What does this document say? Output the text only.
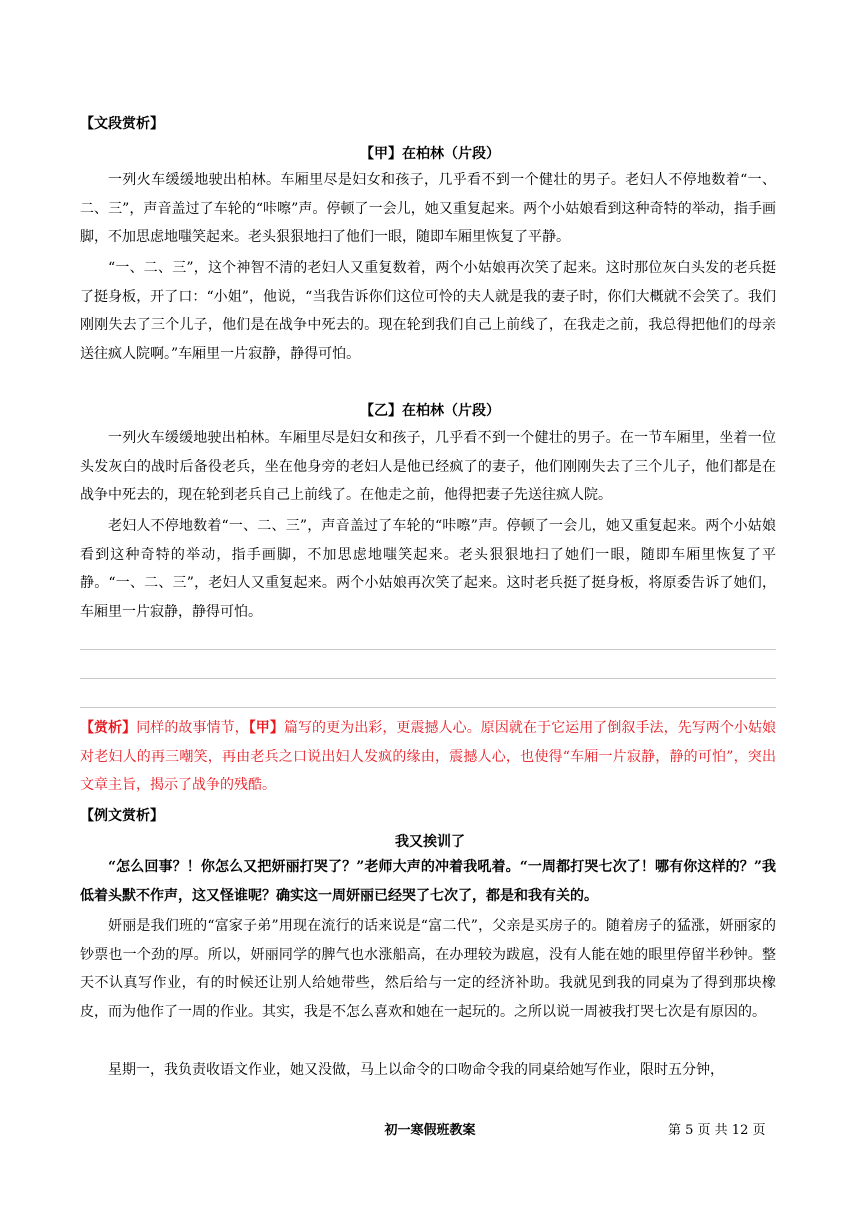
【文段赏析】
【甲】在柏林（片段）

一列火车缓缓地驶出柏林。车厢里尽是妇女和孩子，几乎看不到一个健壮的男子。老妇人不停地数着“一、二、三”，声音盖过了车轮的“咔嚓”声。停顿了一会儿，她又重复起来。两个小姑娘看到这种奇特的举动，指手画脚，不加思虑地嗤笑起来。老头狠狠地扫了他们一眼，随即车厢里恢复了平静。

“一、二、三”，这个神智不清的老妇人又重复数着，两个小姑娘再次笑了起来。这时那位灰白头发的老兵挺了挺身板，开了口：“小姐”，他说，“当我告诉你们这位可怜的夫人就是我的妻子时，你们大概就不会笑了。我们刚刚失去了三个儿子，他们是在战争中死去的。现在轮到我们自己上前线了，在我走之前，我总得把他们的母亲送往疯人院啊。”车厢里一片寂静，静得可怕。

【乙】在柏林（片段）

一列火车缓缓地驶出柏林。车厢里尽是妇女和孩子，几乎看不到一个健壮的男子。在一节车厢里，坐着一位头发灰白的战时后备役老兵，坐在他身旁的老妇人是他已经疯了的妻子，他们刚刚失去了三个儿子，他们都是在战争中死去的，现在轮到老兵自己上前线了。在他走之前，他得把妻子先送往疯人院。

老妇人不停地数着“一、二、三”，声音盖过了车轮的“咔嚓”声。停顿了一会儿，她又重复起来。两个小姑娘看到这种奇特的举动，指手画脚，不加思虑地嗤笑起来。老头狠狠地扫了她们一眼，随即车厢里恢复了平静。“一、二、三”，老妇人又重复起来。两个小姑娘再次笑了起来。这时老兵挺了挺身板，将原委告诉了她们，车厢里一片寂静，静得可怕。

【赏析】同样的故事情节，【甲】篇写的更为出彩，更震撼人心。原因就在于它运用了倒叙手法，先写两个小姑娘对老妇人的再三嘲笑，再由老兵之口说出妇人发疯的缘由，震撼人心，也使得“车厢一片寂静，静的可怕”，突出文章主旨，揭示了战争的残酷。

【例文赏析】
我又挨训了

“怎么回事？！你怎么又把妍丽打哭了？”老师大声的冲着我吼着。“一周都打哭七次了！哪有你这样的？”我低着头默不作声，这又怪谁呢？确实这一周妍丽已经哭了七次了，都是和我有关的。

妍丽是我们班的“富家子弟”用现在流行的话来说是“富二代”，父亲是买房子的。随着房子的猛涨，妍丽家的钞票也一个劲的厚。所以，妍丽同学的脾气也水涨船高，在办理较为跋扈，没有人能在她的眼里停留半秒钟。整天不认真写作业，有的时候还让别人给她带些，然后给与一定的经济补助。我就见到我的同桌为了得到那块橡皮，而为他作了一周的作业。其实，我是不怎么喜欢和她在一起玩的。之所以说一周被我打哭七次是有原因的。

星期一，我负责收语文作业，她又没做，马上以命令的口吻命令我的同桌给她写作业，限时五分钟，

初一寒假班教案	第 5 页 共 12 页
